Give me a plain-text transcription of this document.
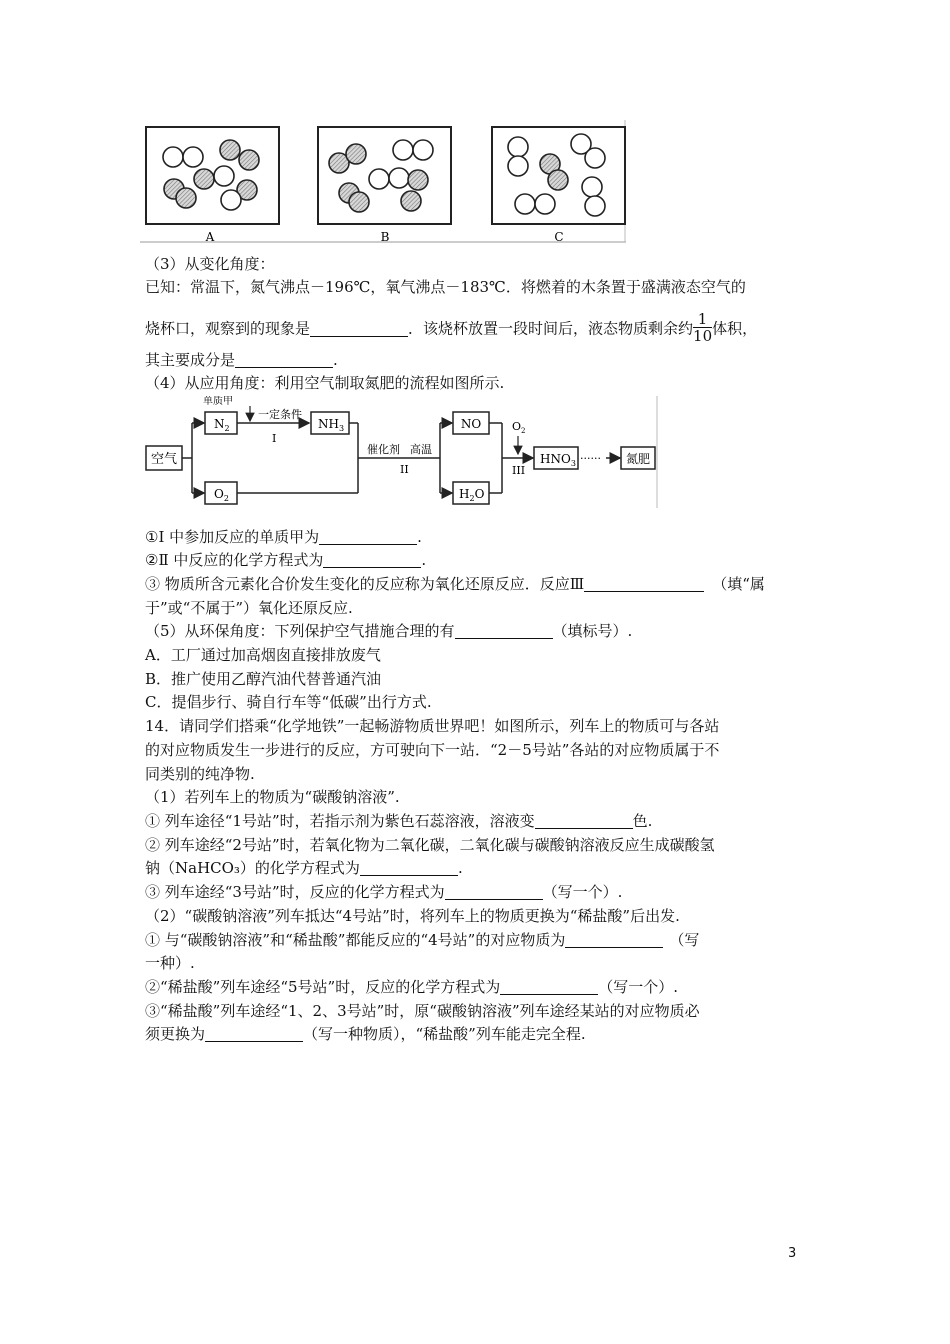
A	B	C
（3）从变化角度：
已知：常温下，氮气沸点－196℃，氧气沸点－183℃．将燃着的木条置于盛满液态空气的
烧杯口，观察到的现象是	．该烧杯放置一段时间后，液态物质剩余约 $\frac{1}{10}$ 体积，
其主要成分是	.
（4）从应用角度：利用空气制取氮肥的流程如图所示.
空气
$N_2$
$O_2$
单质甲
一定条件
I
$NH_3$
催化剂 高温
II
NO
$H_2O$
$O_2$
III
$HNO_3$ ······ 氮肥
①Ⅰ 中参加反应的单质甲为	.
②Ⅱ 中反应的化学方程式为	.
③ 物质所含元素化合价发生变化的反应称为氧化还原反应．反应Ⅲ	（填“属
于”或“不属于”）氧化还原反应.
（5）从环保角度：下列保护空气措施合理的有	（填标号）.
A．工厂通过加高烟囱直接排放废气
B．推广使用乙醇汽油代替普通汽油
C．提倡步行、骑自行车等“低碳”出行方式.
14．请同学们搭乘“化学地铁”一起畅游物质世界吧！如图所示，列车上的物质可与各站
的对应物质发生一步进行的反应，方可驶向下一站．“2－5号站”各站的对应物质属于不
同类别的纯净物.
（1）若列车上的物质为“碳酸钠溶液”.
① 列车途径“1号站”时，若指示剂为紫色石蕊溶液，溶液变	色.
② 列车途经“2号站”时，若氧化物为二氧化碳，二氧化碳与碳酸钠溶液反应生成碳酸氢
钠（NaHCO₃）的化学方程式为	.
③ 列车途经“3号站”时，反应的化学方程式为	（写一个）.
（2）“碳酸钠溶液”列车抵达“4号站”时，将列车上的物质更换为“稀盐酸”后出发.
① 与“碳酸钠溶液”和“稀盐酸”都能反应的“4号站”的对应物质为	（写
一种）.
②“稀盐酸”列车途经“5号站”时，反应的化学方程式为	（写一个）.
③“稀盐酸”列车途经“1、2、3号站”时，原“碳酸钠溶液”列车途经某站的对应物质必
须更换为	（写一种物质），“稀盐酸”列车能走完全程.
3
